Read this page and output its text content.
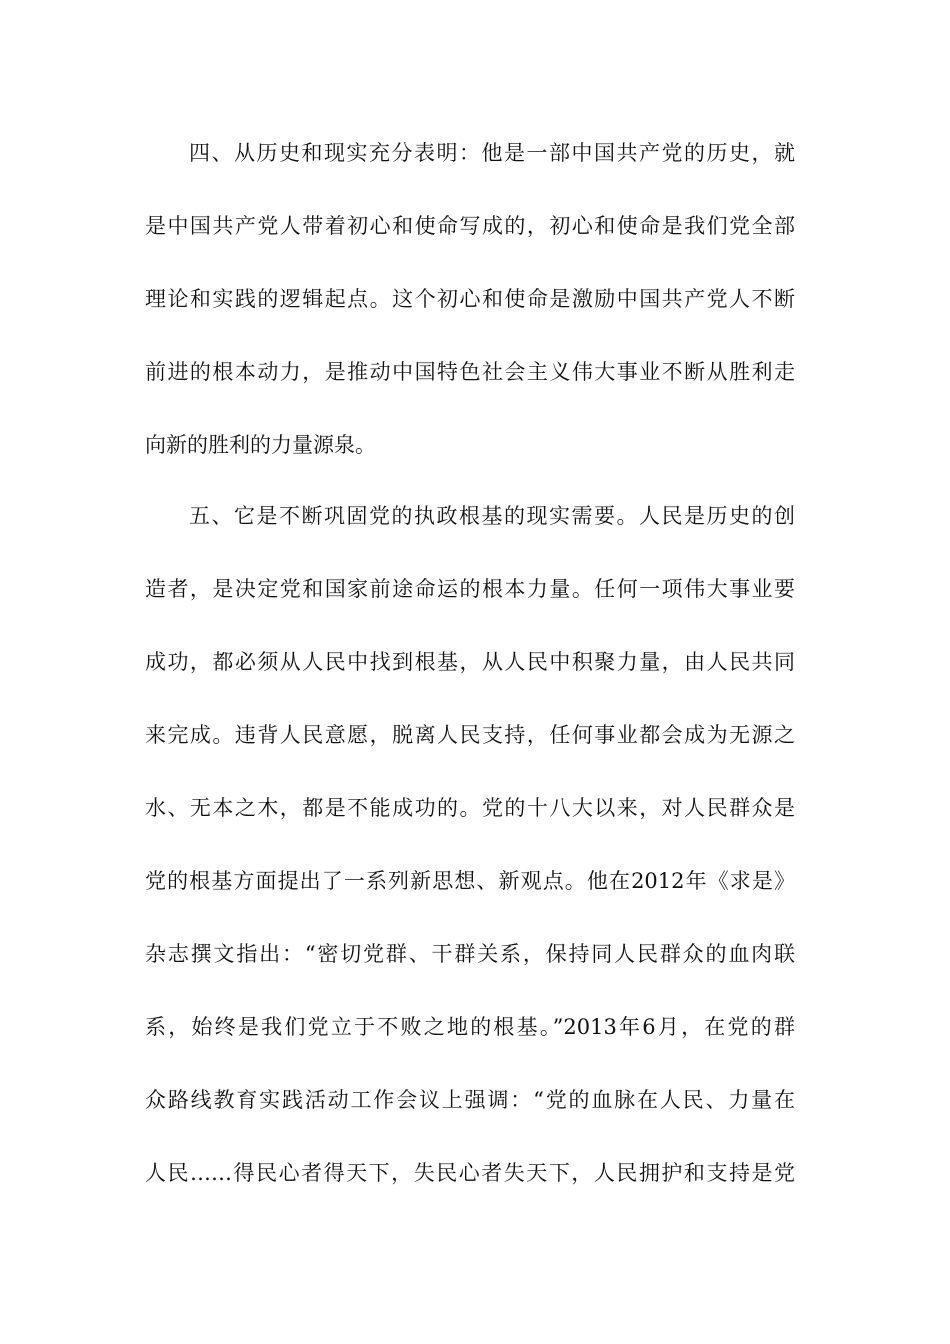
四、从历史和现实充分表明：他是一部中国共产党的历史，就
是中国共产党人带着初心和使命写成的，初心和使命是我们党全部
理论和实践的逻辑起点。这个初心和使命是激励中国共产党人不断
前进的根本动力，是推动中国特色社会主义伟大事业不断从胜利走
向新的胜利的力量源泉。
五、它是不断巩固党的执政根基的现实需要。人民是历史的创
造者，是决定党和国家前途命运的根本力量。任何一项伟大事业要
成功，都必须从人民中找到根基，从人民中积聚力量，由人民共同
来完成。违背人民意愿，脱离人民支持，任何事业都会成为无源之
水、无本之木，都是不能成功的。党的十八大以来，对人民群众是
党的根基方面提出了一系列新思想、新观点。他在2012年《求是》
杂志撰文指出：“密切党群、干群关系，保持同人民群众的血肉联
系，始终是我们党立于不败之地的根基。”2013年6月，在党的群
众路线教育实践活动工作会议上强调：“党的血脉在人民、力量在
人民……得民心者得天下，失民心者失天下，人民拥护和支持是党
